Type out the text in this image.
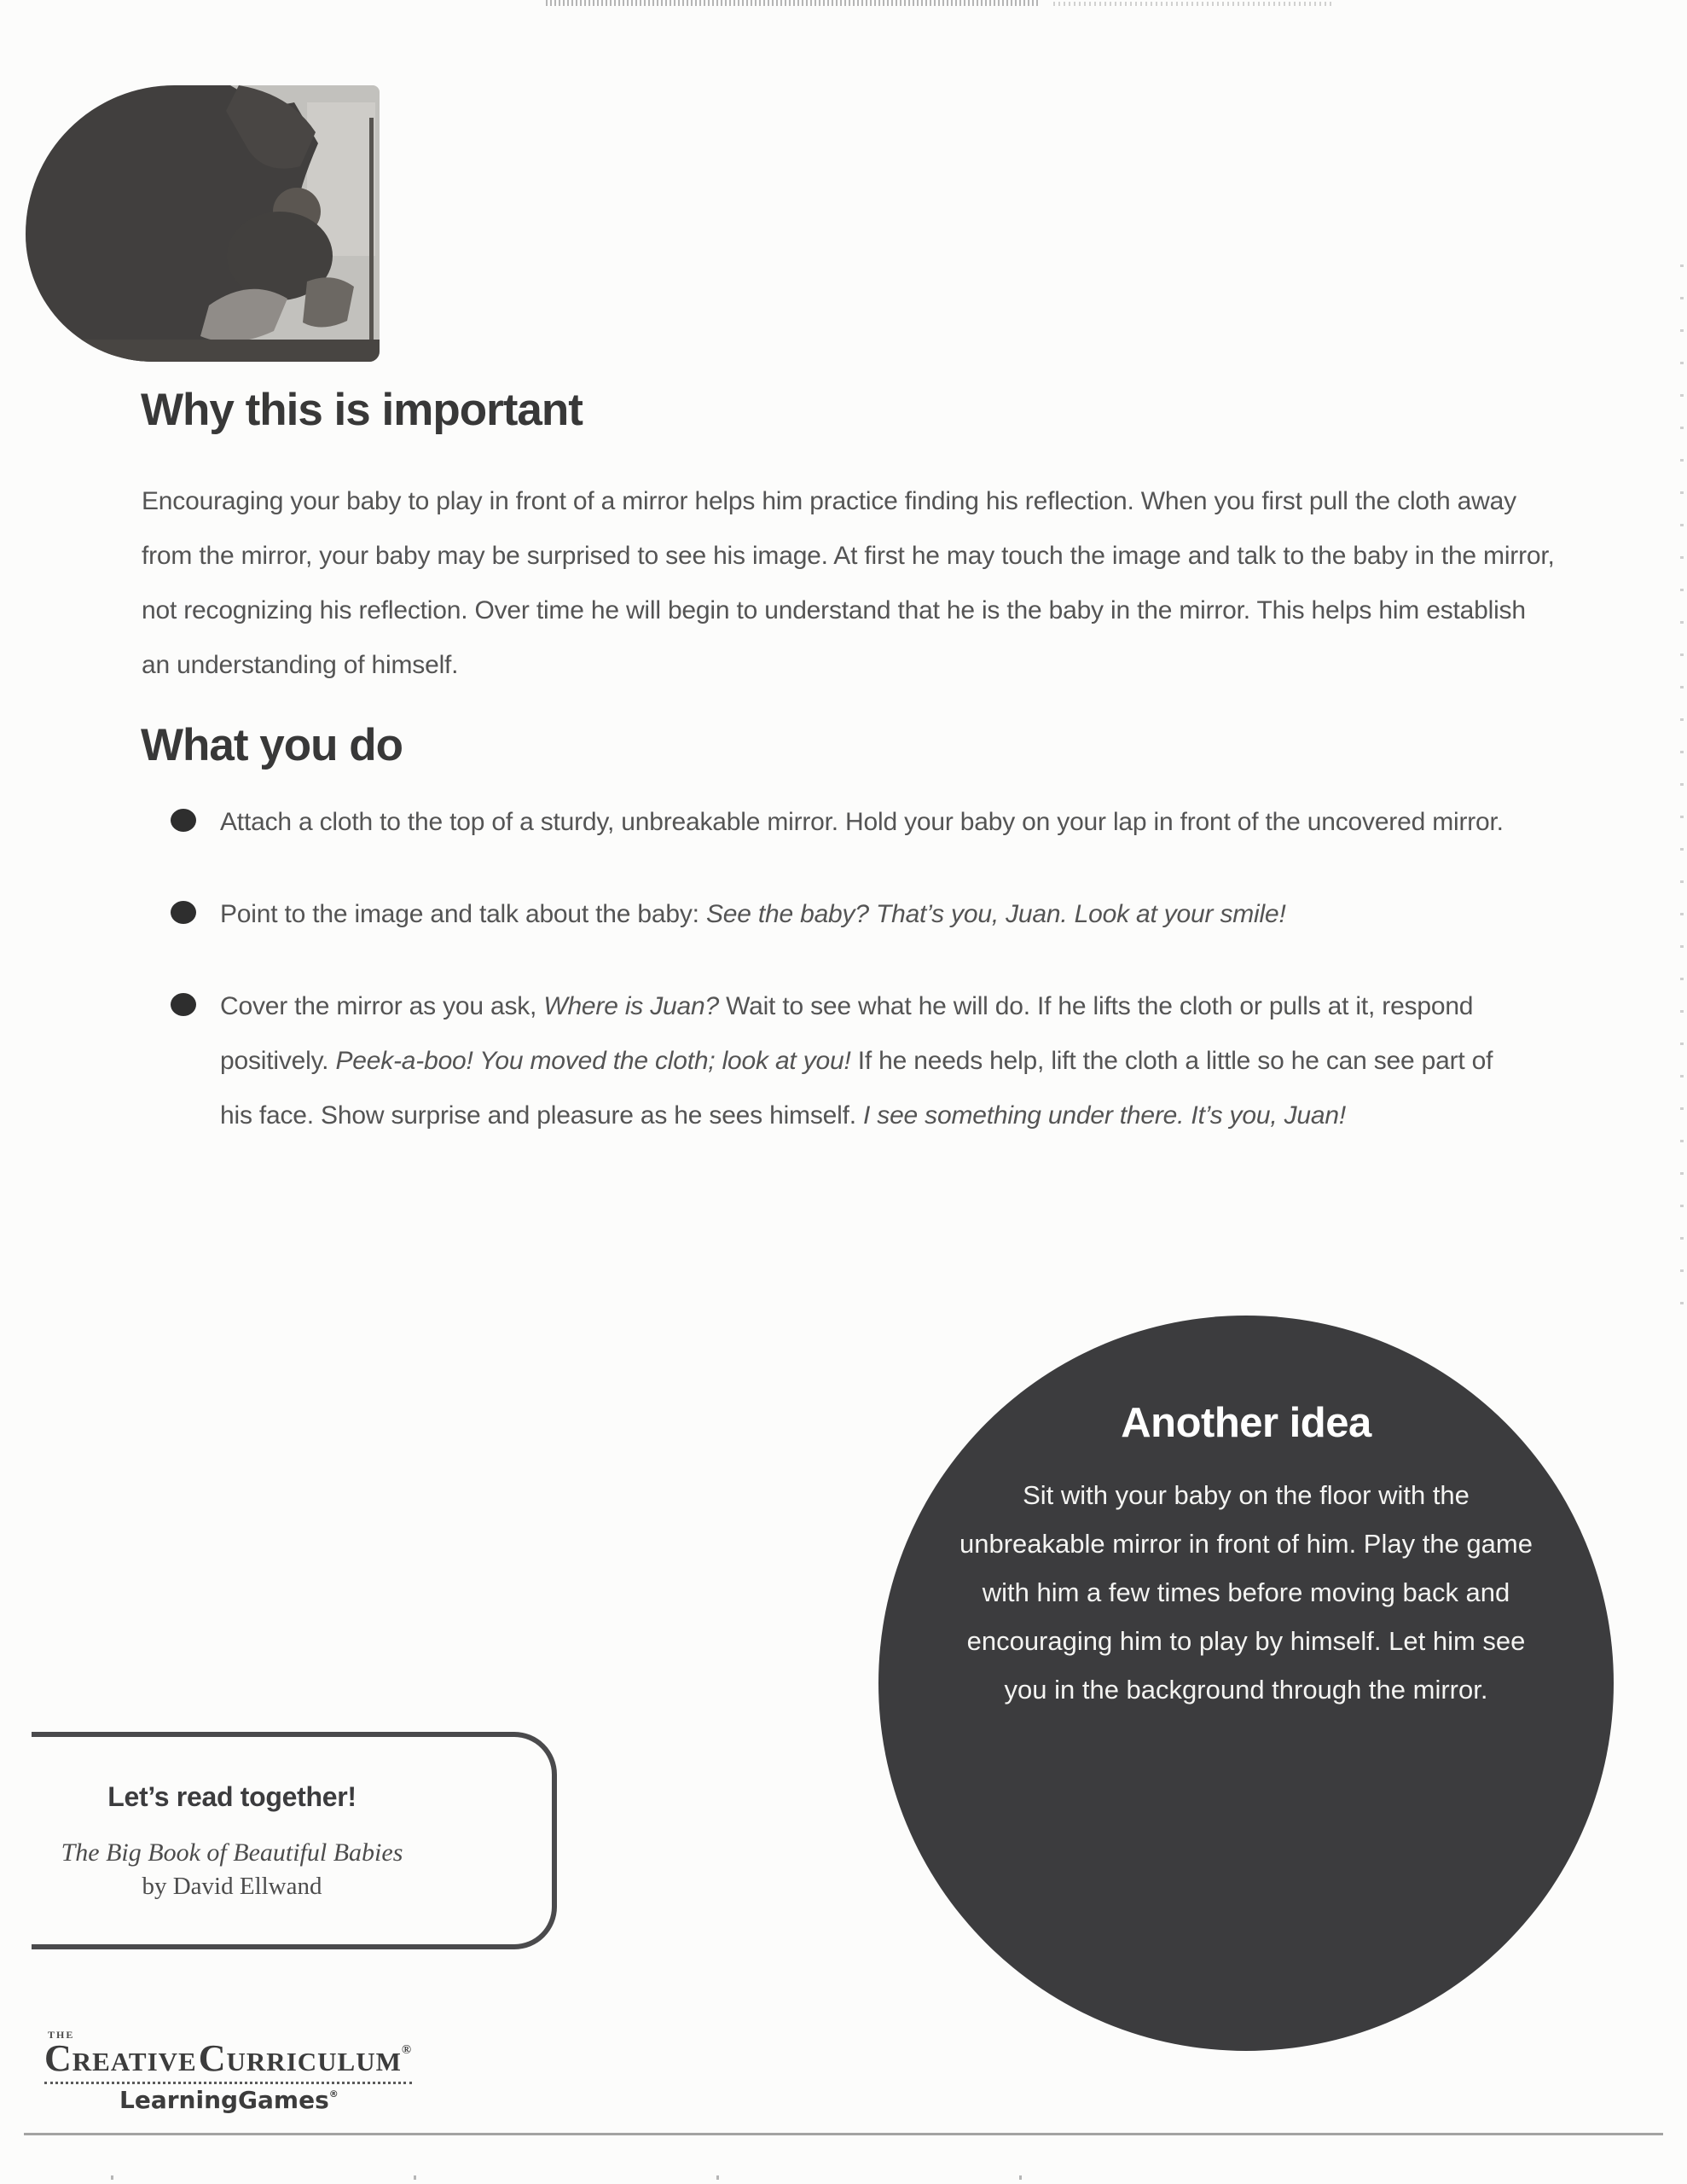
Why this is important

Encouraging your baby to play in front of a mirror helps him practice finding his reflection. When you first pull the cloth away from the mirror, your baby may be surprised to see his image. At first he may touch the image and talk to the baby in the mirror, not recognizing his reflection. Over time he will begin to understand that he is the baby in the mirror. This helps him establish an understanding of himself.

What you do

Attach a cloth to the top of a sturdy, unbreakable mirror. Hold your baby on your lap in front of the uncovered mirror.

Point to the image and talk about the baby: See the baby? That’s you, Juan. Look at your smile!

Cover the mirror as you ask, Where is Juan? Wait to see what he will do. If he lifts the cloth or pulls at it, respond positively. Peek-a-boo! You moved the cloth; look at you! If he needs help, lift the cloth a little so he can see part of his face. Show surprise and pleasure as he sees himself. I see something under there. It’s you, Juan!

Another idea

Sit with your baby on the floor with the unbreakable mirror in front of him. Play the game with him a few times before moving back and encouraging him to play by himself. Let him see you in the background through the mirror.

Let’s read together!

The Big Book of Beautiful Babies

by David Ellwand

THE
CREATIVECURRICULUM®
LearningGames®
